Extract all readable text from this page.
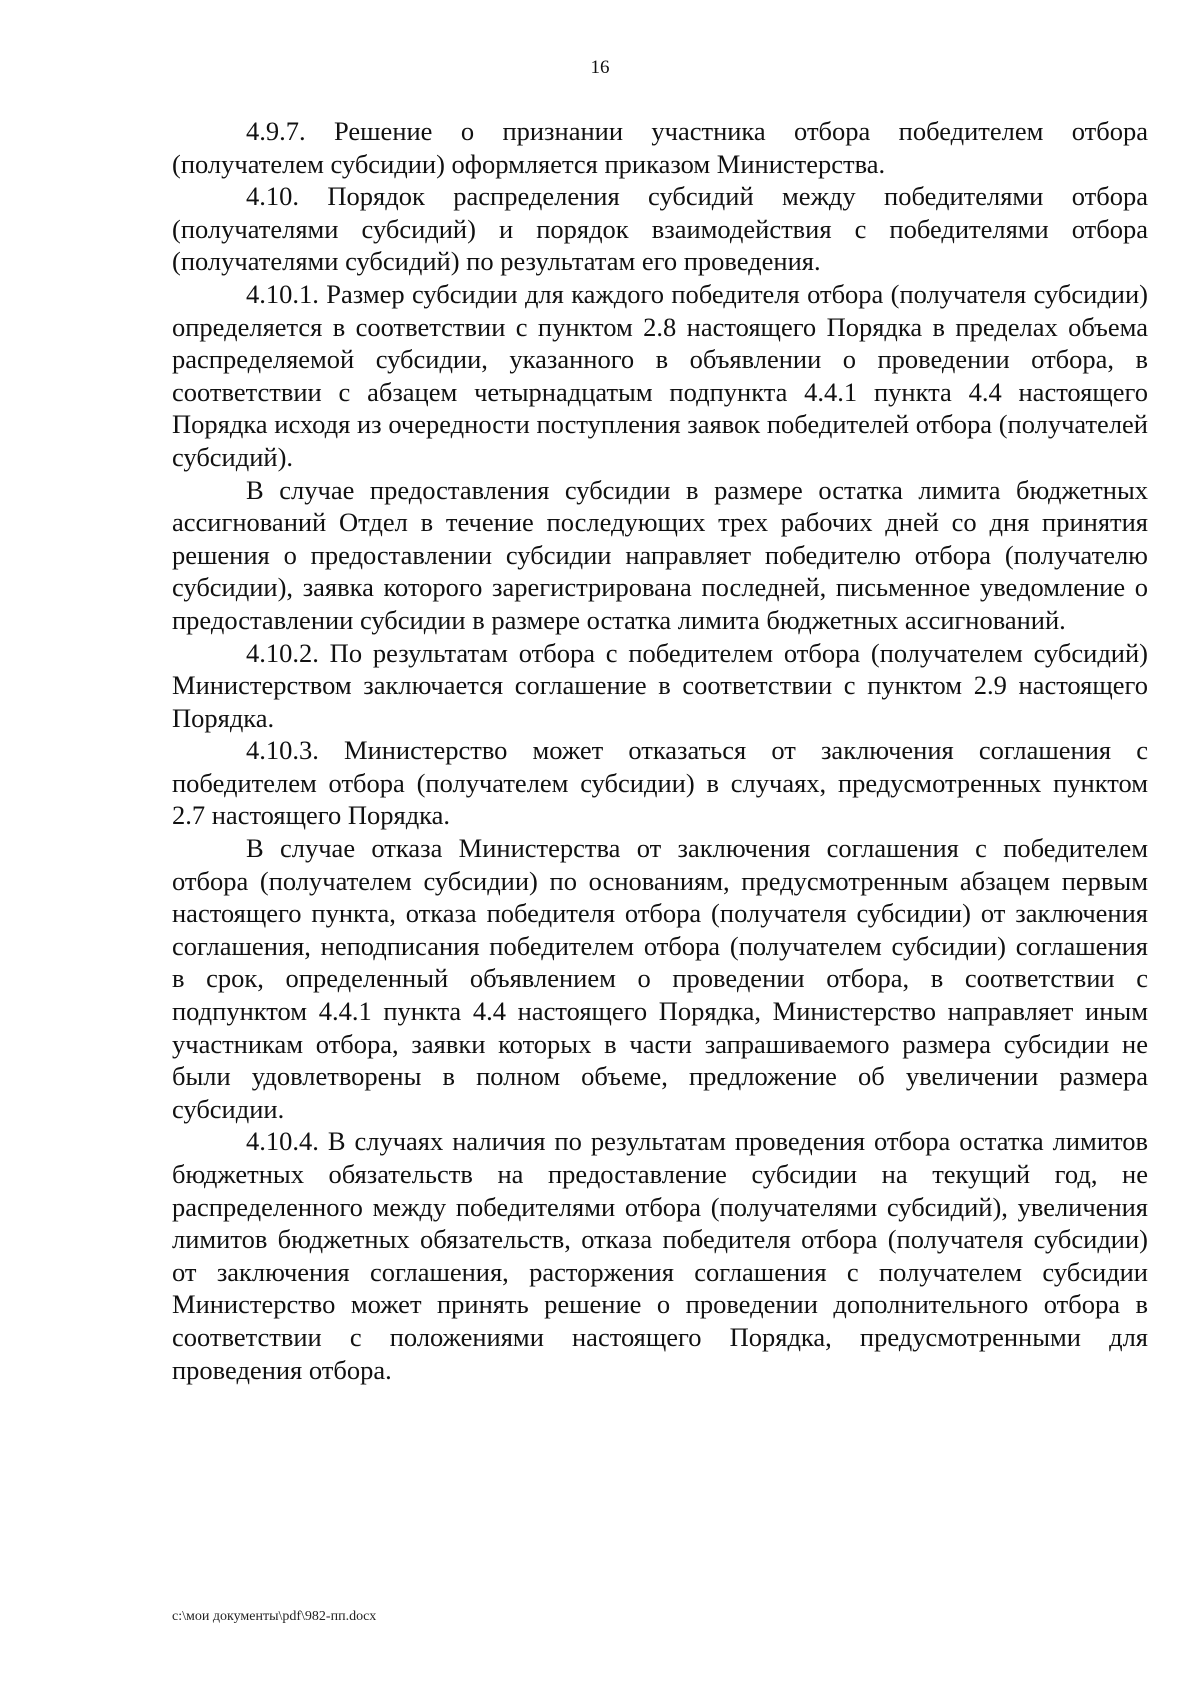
16

4.9.7. Решение о признании участника отбора победителем отбора (получателем субсидии) оформляется приказом Министерства.

4.10. Порядок распределения субсидий между победителями отбора (получателями субсидий) и порядок взаимодействия с победителями отбора (получателями субсидий) по результатам его проведения.

4.10.1. Размер субсидии для каждого победителя отбора (получателя субсидии) определяется в соответствии с пунктом 2.8 настоящего Порядка в пределах объема распределяемой субсидии, указанного в объявлении о проведении отбора, в соответствии с абзацем четырнадцатым подпункта 4.4.1 пункта 4.4 настоящего Порядка исходя из очередности поступления заявок победителей отбора (получателей субсидий).

В случае предоставления субсидии в размере остатка лимита бюджетных ассигнований Отдел в течение последующих трех рабочих дней со дня принятия решения о предоставлении субсидии направляет победителю отбора (получателю субсидии), заявка которого зарегистрирована последней, письменное уведомление о предоставлении субсидии в размере остатка лимита бюджетных ассигнований.

4.10.2. По результатам отбора с победителем отбора (получателем субсидий) Министерством заключается соглашение в соответствии с пунктом 2.9 настоящего Порядка.

4.10.3. Министерство может отказаться от заключения соглашения с победителем отбора (получателем субсидии) в случаях, предусмотренных пунктом 2.7 настоящего Порядка.

В случае отказа Министерства от заключения соглашения с победителем отбора (получателем субсидии) по основаниям, предусмотренным абзацем первым настоящего пункта, отказа победителя отбора (получателя субсидии) от заключения соглашения, неподписания победителем отбора (получателем субсидии) соглашения в срок, определенный объявлением о проведении отбора, в соответствии с подпунктом 4.4.1 пункта 4.4 настоящего Порядка, Министерство направляет иным участникам отбора, заявки которых в части запрашиваемого размера субсидии не были удовлетворены в полном объеме, предложение об увеличении размера субсидии.

4.10.4. В случаях наличия по результатам проведения отбора остатка лимитов бюджетных обязательств на предоставление субсидии на текущий год, не распределенного между победителями отбора (получателями субсидий), увеличения лимитов бюджетных обязательств, отказа победителя отбора (получателя субсидии) от заключения соглашения, расторжения соглашения с получателем субсидии Министерство может принять решение о проведении дополнительного отбора в соответствии с положениями настоящего Порядка, предусмотренными для проведения отбора.

c:\мои документы\pdf\982-пп.docx
